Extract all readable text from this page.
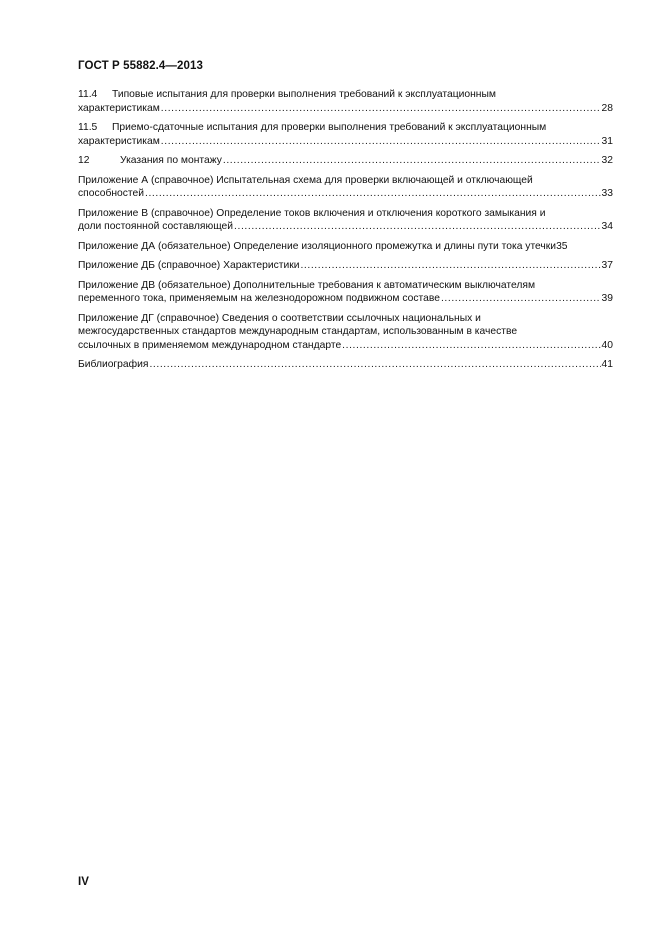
ГОСТ Р 55882.4—2013
11.4 Типовые испытания для проверки выполнения требований к эксплуатационным
характеристикам .....	28
11.5 Приемо-сдаточные испытания для проверки выполнения требований к эксплуатационным
характеристикам .....	31
12	Указания по монтажу .....	32
Приложение А (справочное) Испытательная схема для проверки включающей и отключающей
способностей .....	33
Приложение В (справочное) Определение токов включения и отключения короткого замыкания и
доли постоянной составляющей .....	34
Приложение ДА (обязательное) Определение изоляционного промежутка и длины пути тока утечки 35
Приложение ДБ (справочное) Характеристики .....	37
Приложение ДВ (обязательное) Дополнительные требования к автоматическим выключателям
переменного тока, применяемым на железнодорожном подвижном составе .....	39
Приложение ДГ (справочное) Сведения о соответствии ссылочных национальных и
межгосударственных стандартов международным стандартам, использованным в качестве
ссылочных в применяемом международном стандарте .....	40
Библиография .....	41
IV
